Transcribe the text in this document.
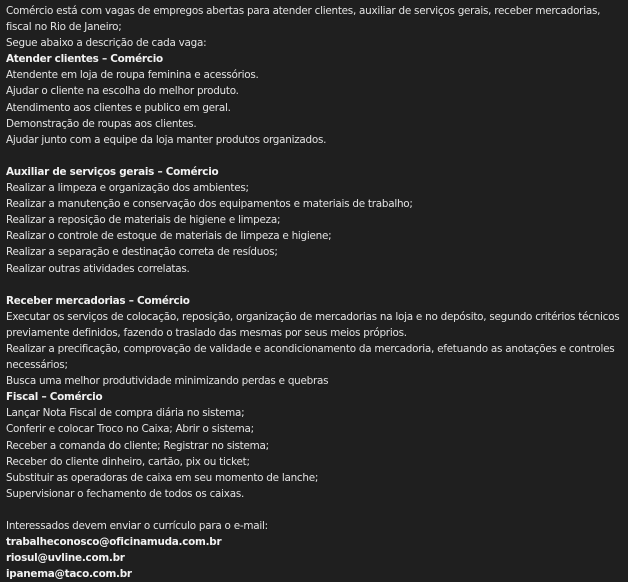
Comércio está com vagas de empregos abertas para atender clientes, auxiliar de serviços gerais, receber mercadorias, fiscal no Rio de Janeiro;
Segue abaixo a descrição de cada vaga:
Atender clientes – Comércio
Atendente em loja de roupa feminina e acessórios.
Ajudar o cliente na escolha do melhor produto.
Atendimento aos clientes e publico em geral.
Demonstração de roupas aos clientes.
Ajudar junto com a equipe da loja manter produtos organizados.
Auxiliar de serviços gerais – Comércio
Realizar a limpeza e organização dos ambientes;
Realizar a manutenção e conservação dos equipamentos e materiais de trabalho;
Realizar a reposição de materiais de higiene e limpeza;
Realizar o controle de estoque de materiais de limpeza e higiene;
Realizar a separação e destinação correta de resíduos;
Realizar outras atividades correlatas.
Receber mercadorias – Comércio
Executar os serviços de colocação, reposição, organização de mercadorias na loja e no depósito, segundo critérios técnicos previamente definidos, fazendo o traslado das mesmas por seus meios próprios.
Realizar a precificação, comprovação de validade e acondicionamento da mercadoria, efetuando as anotações e controles necessários;
Busca uma melhor produtividade minimizando perdas e quebras
Fiscal – Comércio
Lançar Nota Fiscal de compra diária no sistema;
Conferir e colocar Troco no Caixa; Abrir o sistema;
Receber a comanda do cliente; Registrar no sistema;
Receber do cliente dinheiro, cartão, pix ou ticket;
Substituir as operadoras de caixa em seu momento de lanche;
Supervisionar o fechamento de todos os caixas.
Interessados devem enviar o currículo para o e-mail:
trabalheconosco@oficinamuda.com.br
riosul@uvline.com.br
ipanema@taco.com.br
